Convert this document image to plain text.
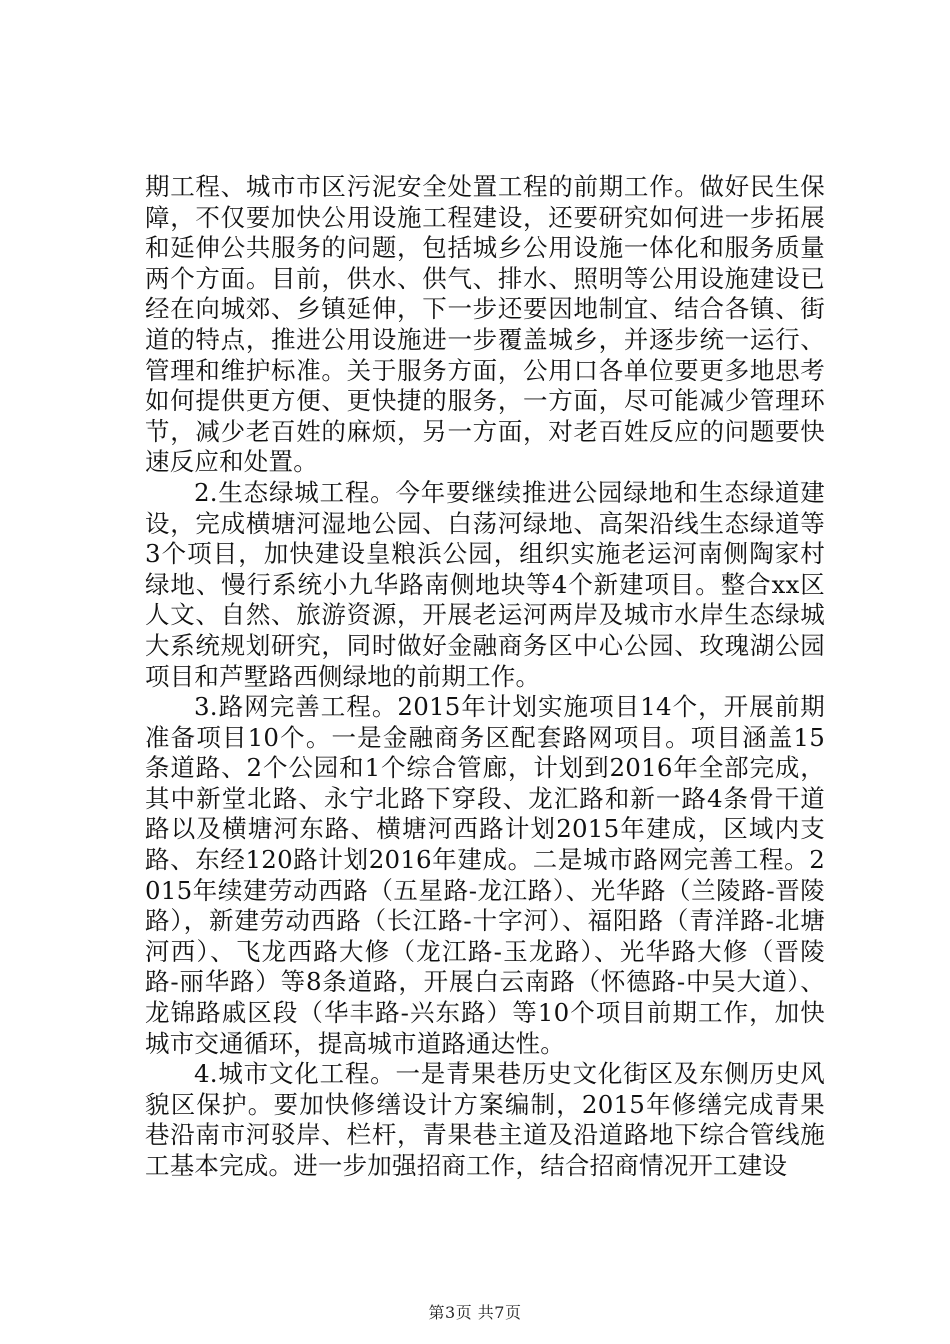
期工程、城市市区污泥安全处置工程的前期工作。做好民生保障，不仅要加快公用设施工程建设，还要研究如何进一步拓展和延伸公共服务的问题，包括城乡公用设施一体化和服务质量两个方面。目前，供水、供气、排水、照明等公用设施建设已经在向城郊、乡镇延伸，下一步还要因地制宜、结合各镇、街道的特点，推进公用设施进一步覆盖城乡，并逐步统一运行、管理和维护标准。关于服务方面，公用口各单位要更多地思考如何提供更方便、更快捷的服务，一方面，尽可能减少管理环节，减少老百姓的麻烦，另一方面，对老百姓反应的问题要快速反应和处置。

2.生态绿城工程。今年要继续推进公园绿地和生态绿道建设，完成横塘河湿地公园、白荡河绿地、高架沿线生态绿道等3个项目，加快建设皇粮浜公园，组织实施老运河南侧陶家村绿地、慢行系统小九华路南侧地块等4个新建项目。整合xx区人文、自然、旅游资源，开展老运河两岸及城市水岸生态绿城大系统规划研究，同时做好金融商务区中心公园、玫瑰湖公园项目和芦墅路西侧绿地的前期工作。

3.路网完善工程。2015年计划实施项目14个，开展前期准备项目10个。一是金融商务区配套路网项目。项目涵盖15条道路、2个公园和1个综合管廊，计划到2016年全部完成，其中新堂北路、永宁北路下穿段、龙汇路和新一路4条骨干道路以及横塘河东路、横塘河西路计划2015年建成，区域内支路、东经120路计划2016年建成。二是城市路网完善工程。2015年续建劳动西路（五星路-龙江路）、光华路（兰陵路-晋陵路），新建劳动西路（长江路-十字河）、福阳路（青洋路-北塘河西）、飞龙西路大修（龙江路-玉龙路）、光华路大修（晋陵路-丽华路）等8条道路，开展白云南路（怀德路-中吴大道）、龙锦路戚区段（华丰路-兴东路）等10个项目前期工作，加快城市交通循环，提高城市道路通达性。

4.城市文化工程。一是青果巷历史文化街区及东侧历史风貌区保护。要加快修缮设计方案编制，2015年修缮完成青果巷沿南市河驳岸、栏杆，青果巷主道及沿道路地下综合管线施工基本完成。进一步加强招商工作，结合招商情况开工建设

第3页 共7页
